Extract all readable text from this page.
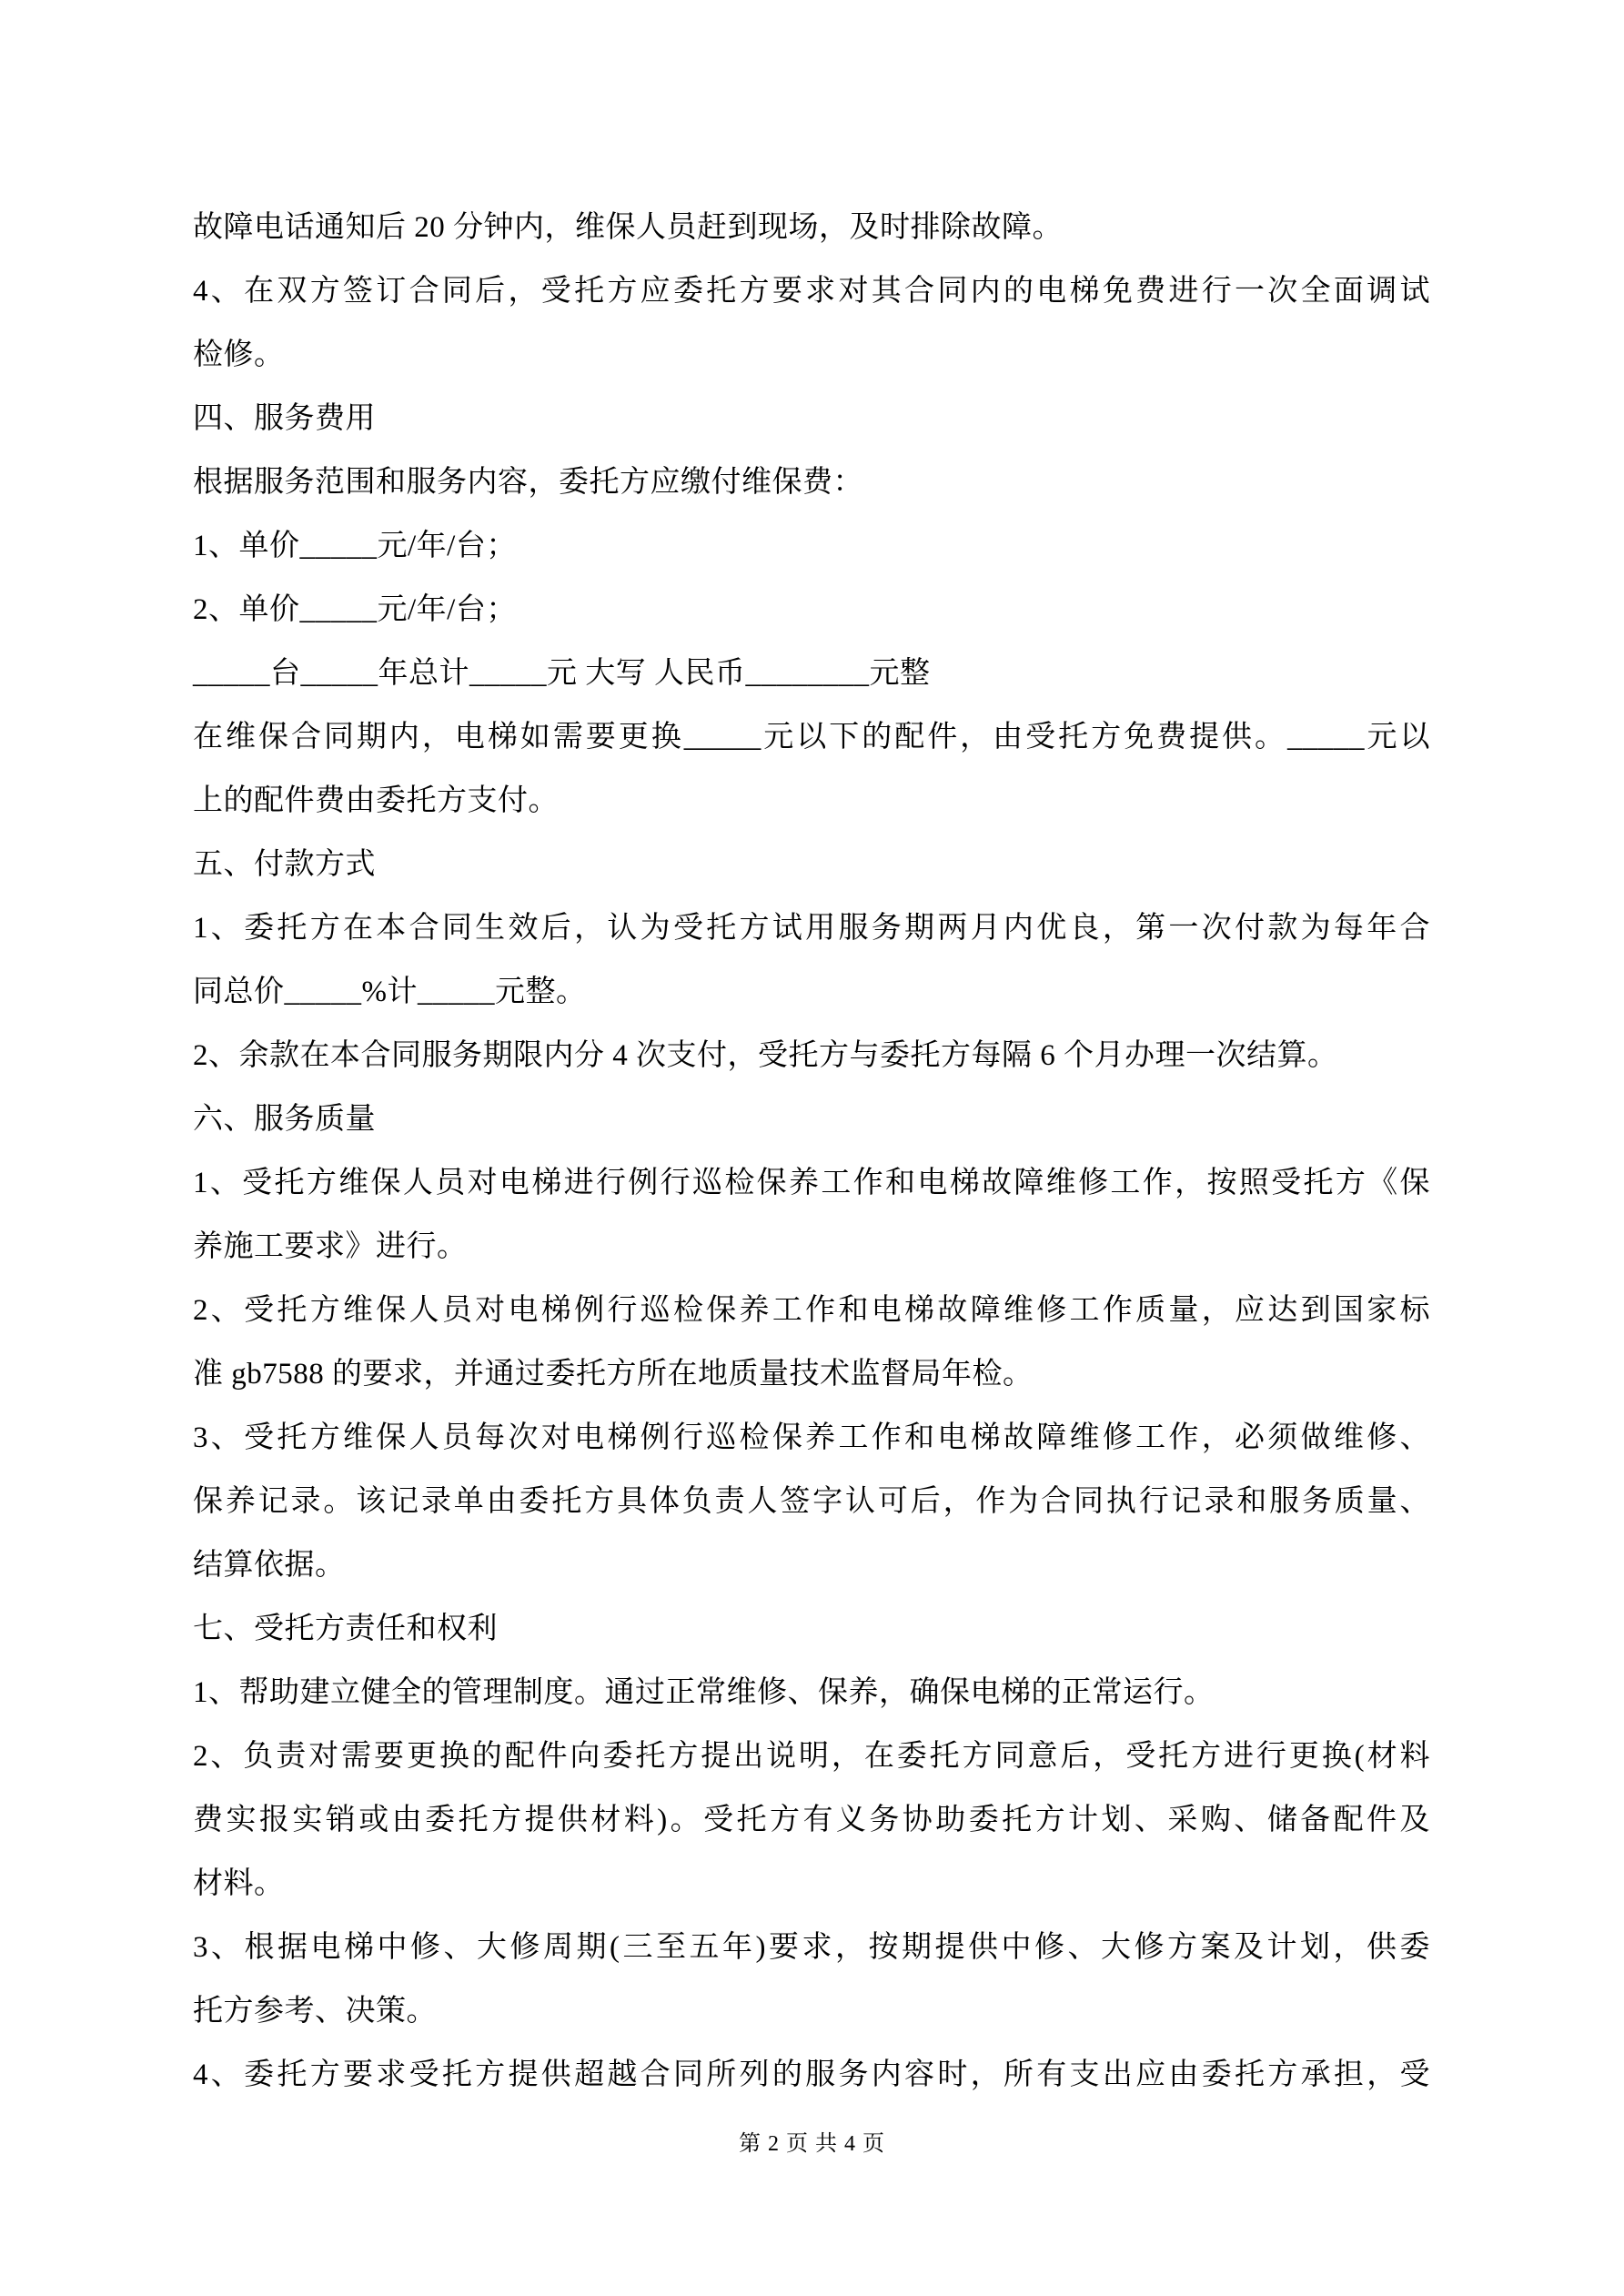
故障电话通知后 20 分钟内，维保人员赶到现场，及时排除故障。
4、在双方签订合同后，受托方应委托方要求对其合同内的电梯免费进行一次全面调试
检修。
四、服务费用
根据服务范围和服务内容，委托方应缴付维保费：
1、单价_____元/年/台；
2、单价_____元/年/台；
_____台_____年总计_____元 大写 人民币________元整
在维保合同期内，电梯如需要更换_____元以下的配件，由受托方免费提供。_____元以
上的配件费由委托方支付。
五、付款方式
1、委托方在本合同生效后，认为受托方试用服务期两月内优良，第一次付款为每年合
同总价_____%计_____元整。
2、余款在本合同服务期限内分 4 次支付，受托方与委托方每隔 6 个月办理一次结算。
六、服务质量
1、受托方维保人员对电梯进行例行巡检保养工作和电梯故障维修工作，按照受托方《保
养施工要求》进行。
2、受托方维保人员对电梯例行巡检保养工作和电梯故障维修工作质量，应达到国家标
准 gb7588 的要求，并通过委托方所在地质量技术监督局年检。
3、受托方维保人员每次对电梯例行巡检保养工作和电梯故障维修工作，必须做维修、
保养记录。该记录单由委托方具体负责人签字认可后，作为合同执行记录和服务质量、
结算依据。
七、受托方责任和权利
1、帮助建立健全的管理制度。通过正常维修、保养，确保电梯的正常运行。
2、负责对需要更换的配件向委托方提出说明，在委托方同意后，受托方进行更换(材料
费实报实销或由委托方提供材料)。受托方有义务协助委托方计划、采购、储备配件及
材料。
3、根据电梯中修、大修周期(三至五年)要求，按期提供中修、大修方案及计划，供委
托方参考、决策。
4、委托方要求受托方提供超越合同所列的服务内容时，所有支出应由委托方承担，受
第 2 页 共 4 页
